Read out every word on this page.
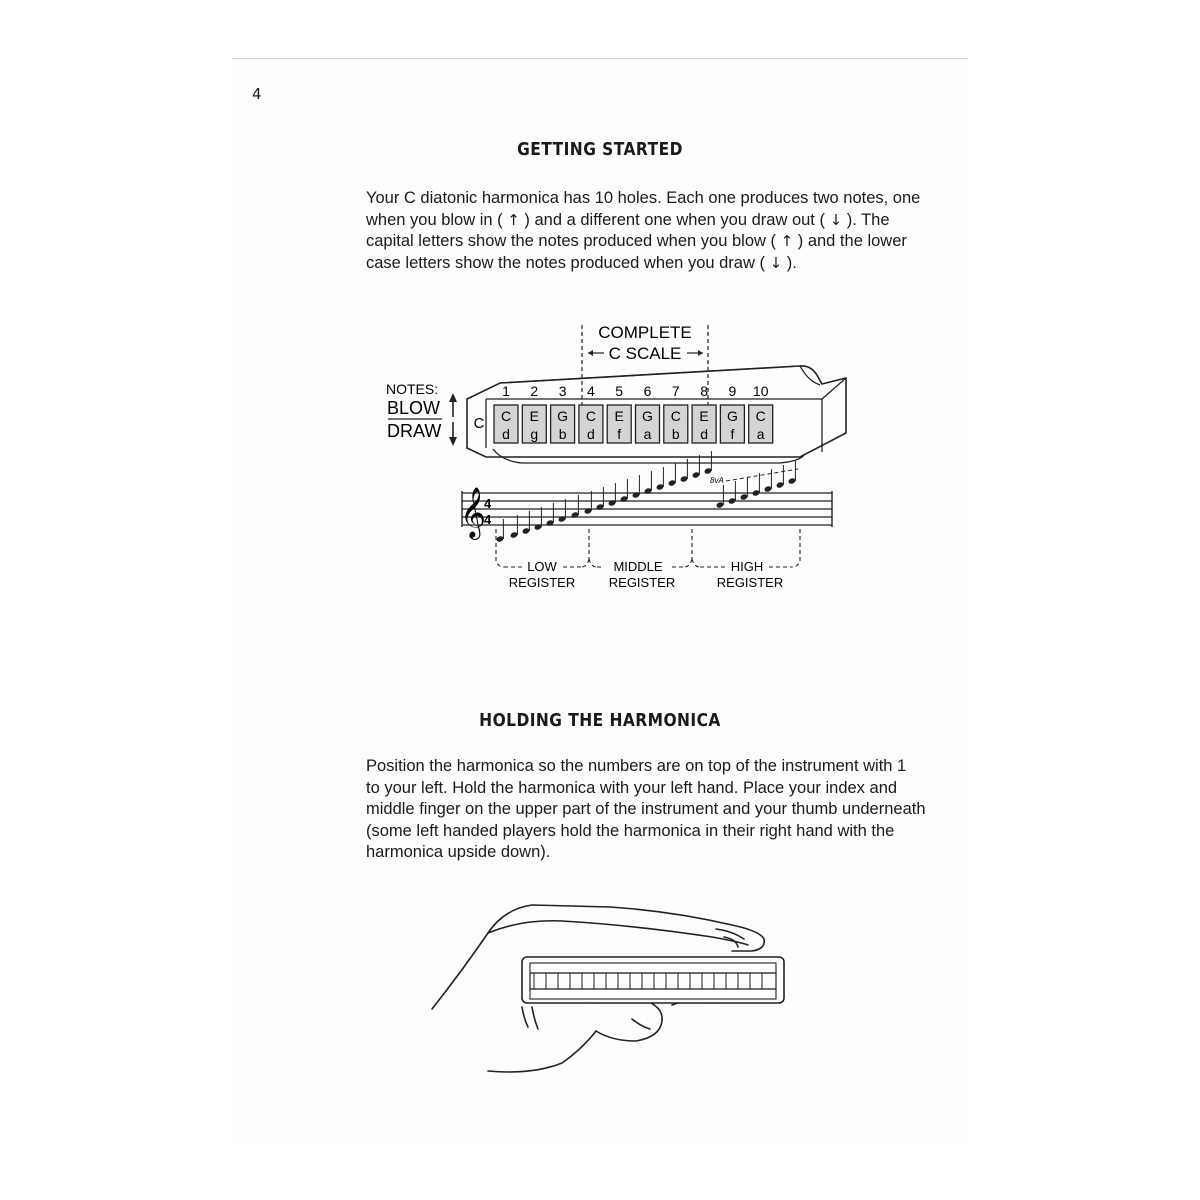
4
GETTING STARTED
Your C diatonic harmonica has 10 holes. Each one produces two notes, one
when you blow in ( ↑ ) and a different one when you draw out ( ↓ ). The
capital letters show the notes produced when you blow ( ↑ ) and the lower
case letters show the notes produced when you draw ( ↓ ).
COMPLETE
C SCALE
C
NOTES:
BLOW
DRAW
1
C
d
2
E
g
3
G
b
4
C
d
5
E
f
6
G
a
7
C
b
8
E
d
9
G
f
10
C
a
𝄞
4
4
8vA
LOW
REGISTER
MIDDLE
REGISTER
HIGH
REGISTER
HOLDING THE HARMONICA
Position the harmonica so the numbers are on top of the instrument with 1
to your left. Hold the harmonica with your left hand. Place your index and
middle finger on the upper part of the instrument and your thumb underneath
(some left handed players hold the harmonica in their right hand with the
harmonica upside down).
